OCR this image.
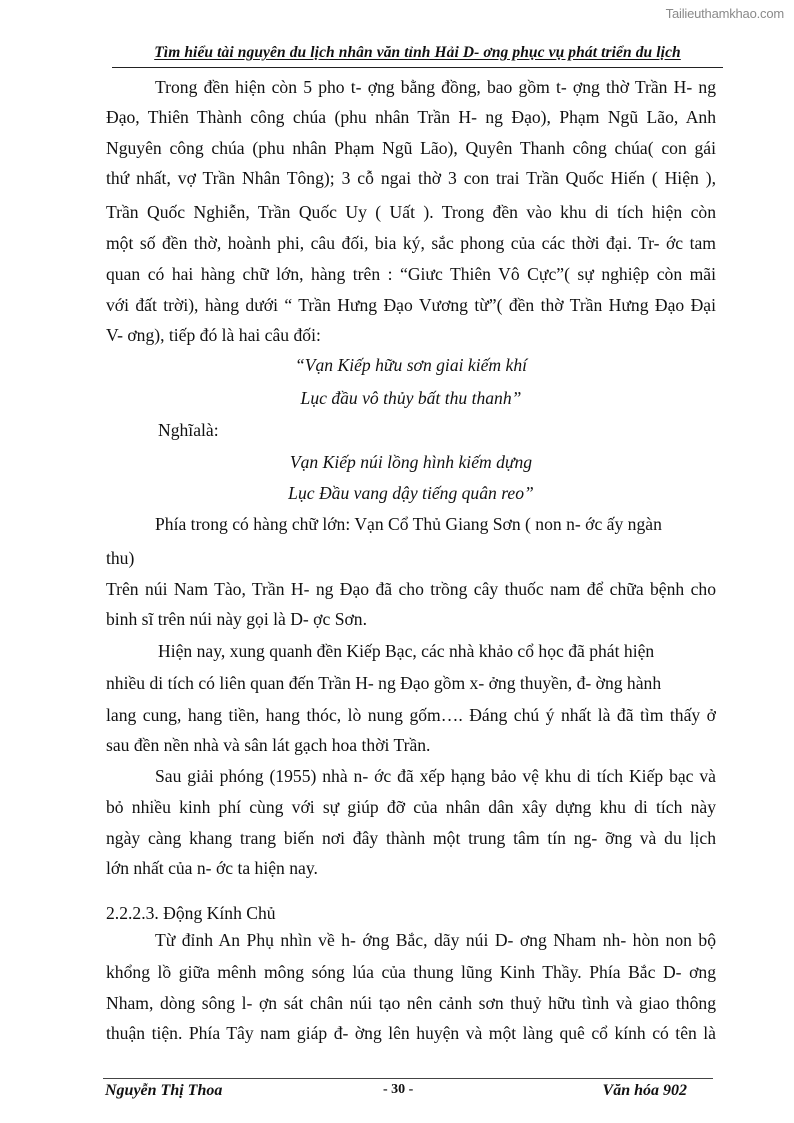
Tailieuthamkhao.com
Tìm hiểu tài nguyên du lịch nhân văn tỉnh Hải D- ơng phục vụ phát triển du lịch
Trong đền hiện còn 5 pho t- ợng bằng đồng, bao gồm t- ợng thờ Trần H- ng
Đạo, Thiên Thành công chúa (phu nhân Trần H- ng Đạo), Phạm Ngũ Lão, Anh
Nguyên công chúa (phu nhân Phạm Ngũ Lão), Quyên Thanh công chúa( con gái
thứ nhất, vợ Trần Nhân Tông); 3 cỗ ngai thờ 3 con trai Trần Quốc Hiến ( Hiện ),
Trần Quốc Nghiễn, Trần Quốc Uy ( Uất ). Trong đền vào khu di tích hiện còn
một số đền thờ, hoành phi, câu đối, bia ký, sắc phong của các thời đại. Tr- ớc tam
quan có hai hàng chữ lớn, hàng trên : “Giưc Thiên Vô Cực”( sự nghiệp còn mãi
với đất trời), hàng dưới “ Trần Hưng Đạo Vương từ”( đền thờ Trần Hưng Đạo Đại
V- ơng), tiếp đó là hai câu đối:
“Vạn Kiếp hữu sơn giai kiếm khí
Lục đầu vô thủy bất thu thanh”
Nghĩalà:
Vạn Kiếp núi lồng hình kiếm dựng
Lục Đầu vang dậy tiếng quân reo”
Phía trong có hàng chữ lớn: Vạn Cổ Thủ Giang Sơn ( non n- ớc ấy ngàn
thu)
Trên núi Nam Tào, Trần H- ng Đạo đã cho trồng cây thuốc nam để chữa bệnh cho
binh sĩ trên núi này gọi là D- ợc Sơn.
Hiện nay, xung quanh đền Kiếp Bạc, các nhà khảo cổ học đã phát hiện
nhiều di tích có liên quan đến Trần H- ng Đạo gồm x- ởng thuyền, đ- ờng hành
lang cung, hang tiền, hang thóc, lò nung gốm…. Đáng chú ý nhất là đã tìm thấy ở
sau đền nền nhà và sân lát gạch hoa thời Trần.
Sau giải phóng (1955) nhà n- ớc đã xếp hạng bảo vệ khu di tích Kiếp bạc và
bỏ nhiều kinh phí cùng với sự giúp đỡ của nhân dân xây dựng khu di tích này
ngày càng khang trang biến nơi đây thành một trung tâm tín ng- ỡng và du lịch
lớn nhất của n- ớc ta hiện nay.
2.2.2.3. Động Kính Chủ
Từ đỉnh An Phụ nhìn về h- ớng Bắc, dãy núi D- ơng Nham nh- hòn non bộ
khổng lồ giữa mênh mông sóng lúa của thung lũng Kinh Thầy. Phía Bắc D- ơng
Nham, dòng sông l- ợn sát chân núi tạo nên cảnh sơn thuỷ hữu tình và giao thông
thuận tiện. Phía Tây nam giáp đ- ờng lên huyện và một làng quê cổ kính có tên là
Nguyễn Thị Thoa	- 30 -	Văn hóa 902
